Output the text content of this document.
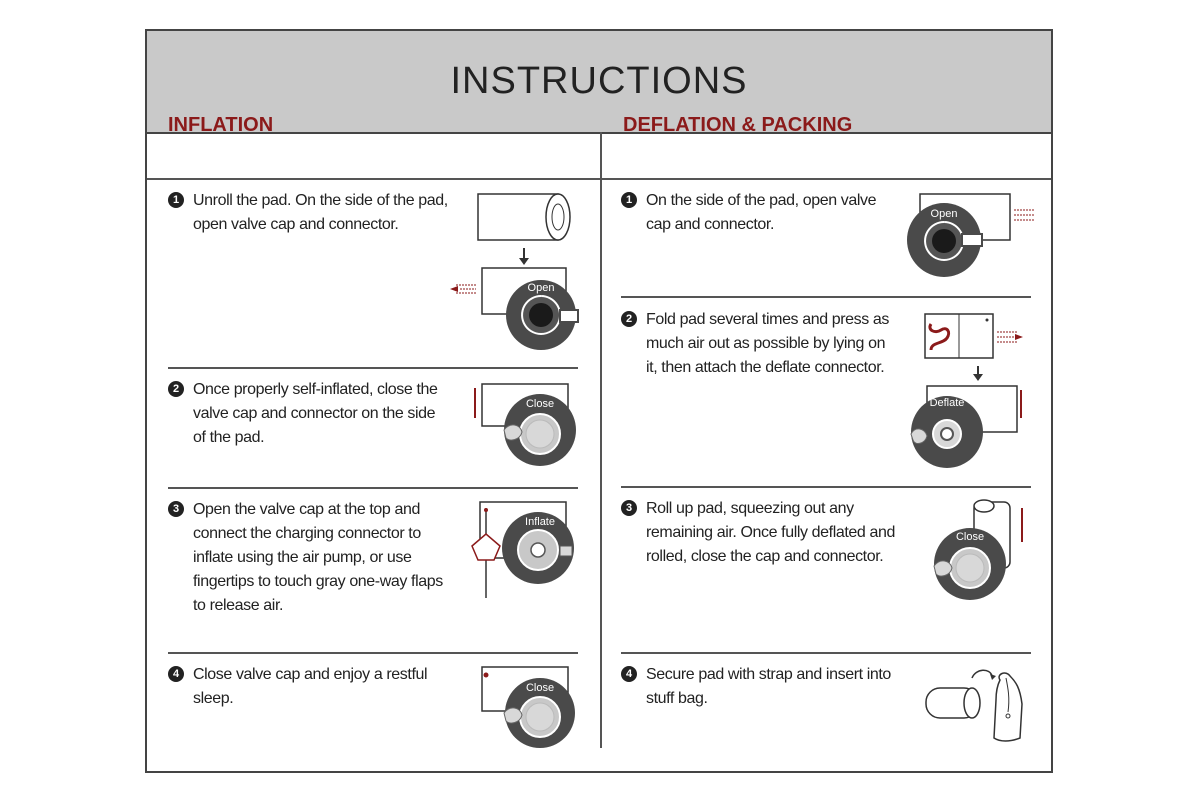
INSTRUCTIONS
INFLATION	DEFLATION & PACKING
1 Unroll the pad. On the side of the pad, open valve cap and connector.
2 Once properly self-inflated, close the valve cap and connector on the side of the pad.
3 Open the valve cap at the top and connect the charging connector to inflate using the air pump, or use fingertips to touch gray one-way flaps to release air.
4 Close valve cap and enjoy a restful sleep.
1 On the side of the pad, open valve cap and connector.
2 Fold pad several times and press as much air out as possible by lying on it, then attach the deflate connector.
3 Roll up pad, squeezing out any remaining air. Once fully deflated and rolled, close the cap and connector.
4 Secure pad with strap and insert into stuff bag.
Open
Close
Inflate
Close
Open
Deflate
Close
